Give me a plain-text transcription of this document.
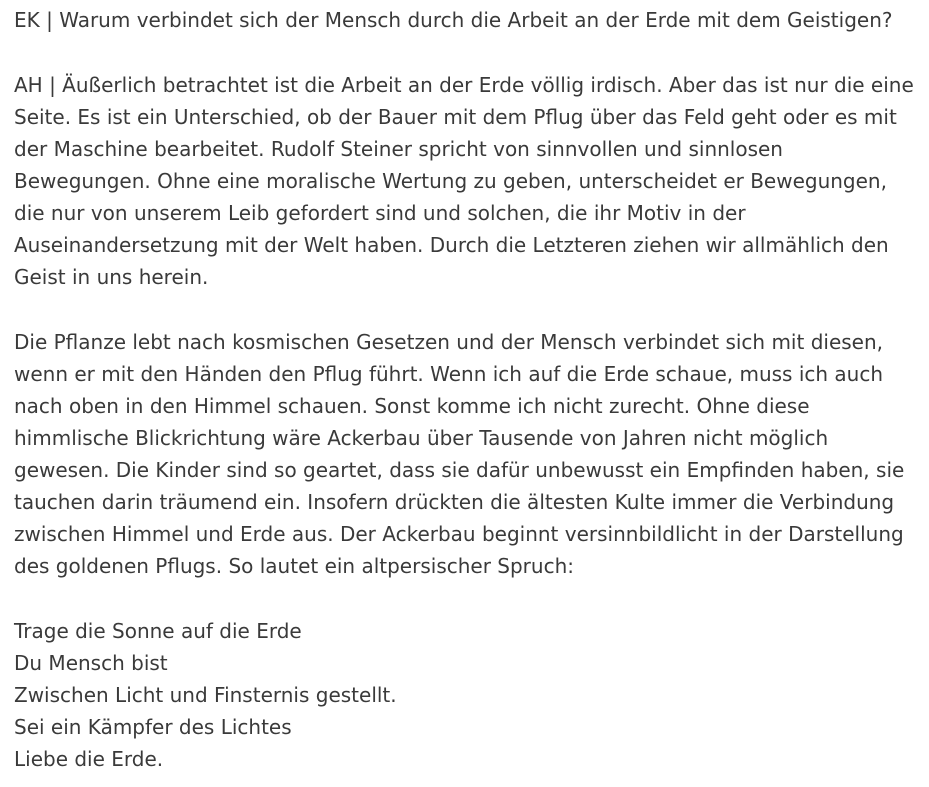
EK | Warum verbindet sich der Mensch durch die Arbeit an der Erde mit dem Geistigen?

AH | Äußerlich betrachtet ist die Arbeit an der Erde völlig irdisch. Aber das ist nur die eine
Seite. Es ist ein Unterschied, ob der Bauer mit dem Pflug über das Feld geht oder es mit
der Maschine bearbeitet. Rudolf Steiner spricht von sinnvollen und sinnlosen
Bewegungen. Ohne eine moralische Wertung zu geben, unterscheidet er Bewegungen,
die nur von unserem Leib gefordert sind und solchen, die ihr Motiv in der
Auseinandersetzung mit der Welt haben. Durch die Letzteren ziehen wir allmählich den
Geist in uns herein.

Die Pflanze lebt nach kosmischen Gesetzen und der Mensch verbindet sich mit diesen,
wenn er mit den Händen den Pflug führt. Wenn ich auf die Erde schaue, muss ich auch
nach oben in den Himmel schauen. Sonst komme ich nicht zurecht. Ohne diese
himmlische Blickrichtung wäre Ackerbau über Tausende von Jahren nicht möglich
gewesen. Die Kinder sind so geartet, dass sie dafür unbewusst ein Empfinden haben, sie
tauchen darin träumend ein. Insofern drückten die ältesten Kulte immer die Verbindung
zwischen Himmel und Erde aus. Der Ackerbau beginnt versinnbildlicht in der Darstellung
des goldenen Pflugs. So lautet ein altpersischer Spruch:

Trage die Sonne auf die Erde
Du Mensch bist
Zwischen Licht und Finsternis gestellt.
Sei ein Kämpfer des Lichtes
Liebe die Erde.
